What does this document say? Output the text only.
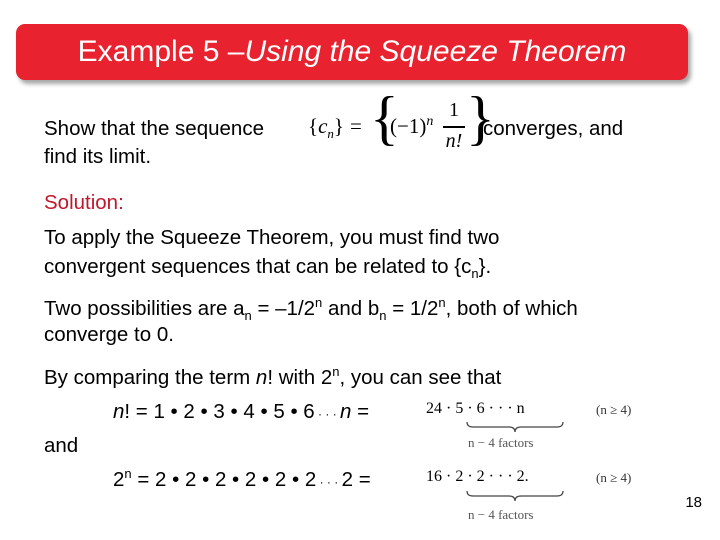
Example 5 – Using the Squeeze Theorem
Show that the sequence $\{c_n\}$ = {
$(-1)^n$
1
n! }
converges, and
find its limit.
Solution:
To apply the Squeeze Theorem, you must find two
convergent sequences that can be related to $\{c_n\}$.
Two possibilities are $a_n = -1/2^n$ and $b_n = 1/2^n$, both of which
converge to 0.
By comparing the term n! with 2$^n$, you can see that
n! = 1 • 2 • 3 • 4 • 5 • 6 · · · n =	24 · 5 · 6 · · · n
n − 4 factors
(n ≥ 4)
and
$2^n = 2$ • 2 • 2 • 2 • 2 • 2 · · · 2 =	16 · 2 · 2 · · · 2.
n − 4 factors
(n ≥ 4)
18
